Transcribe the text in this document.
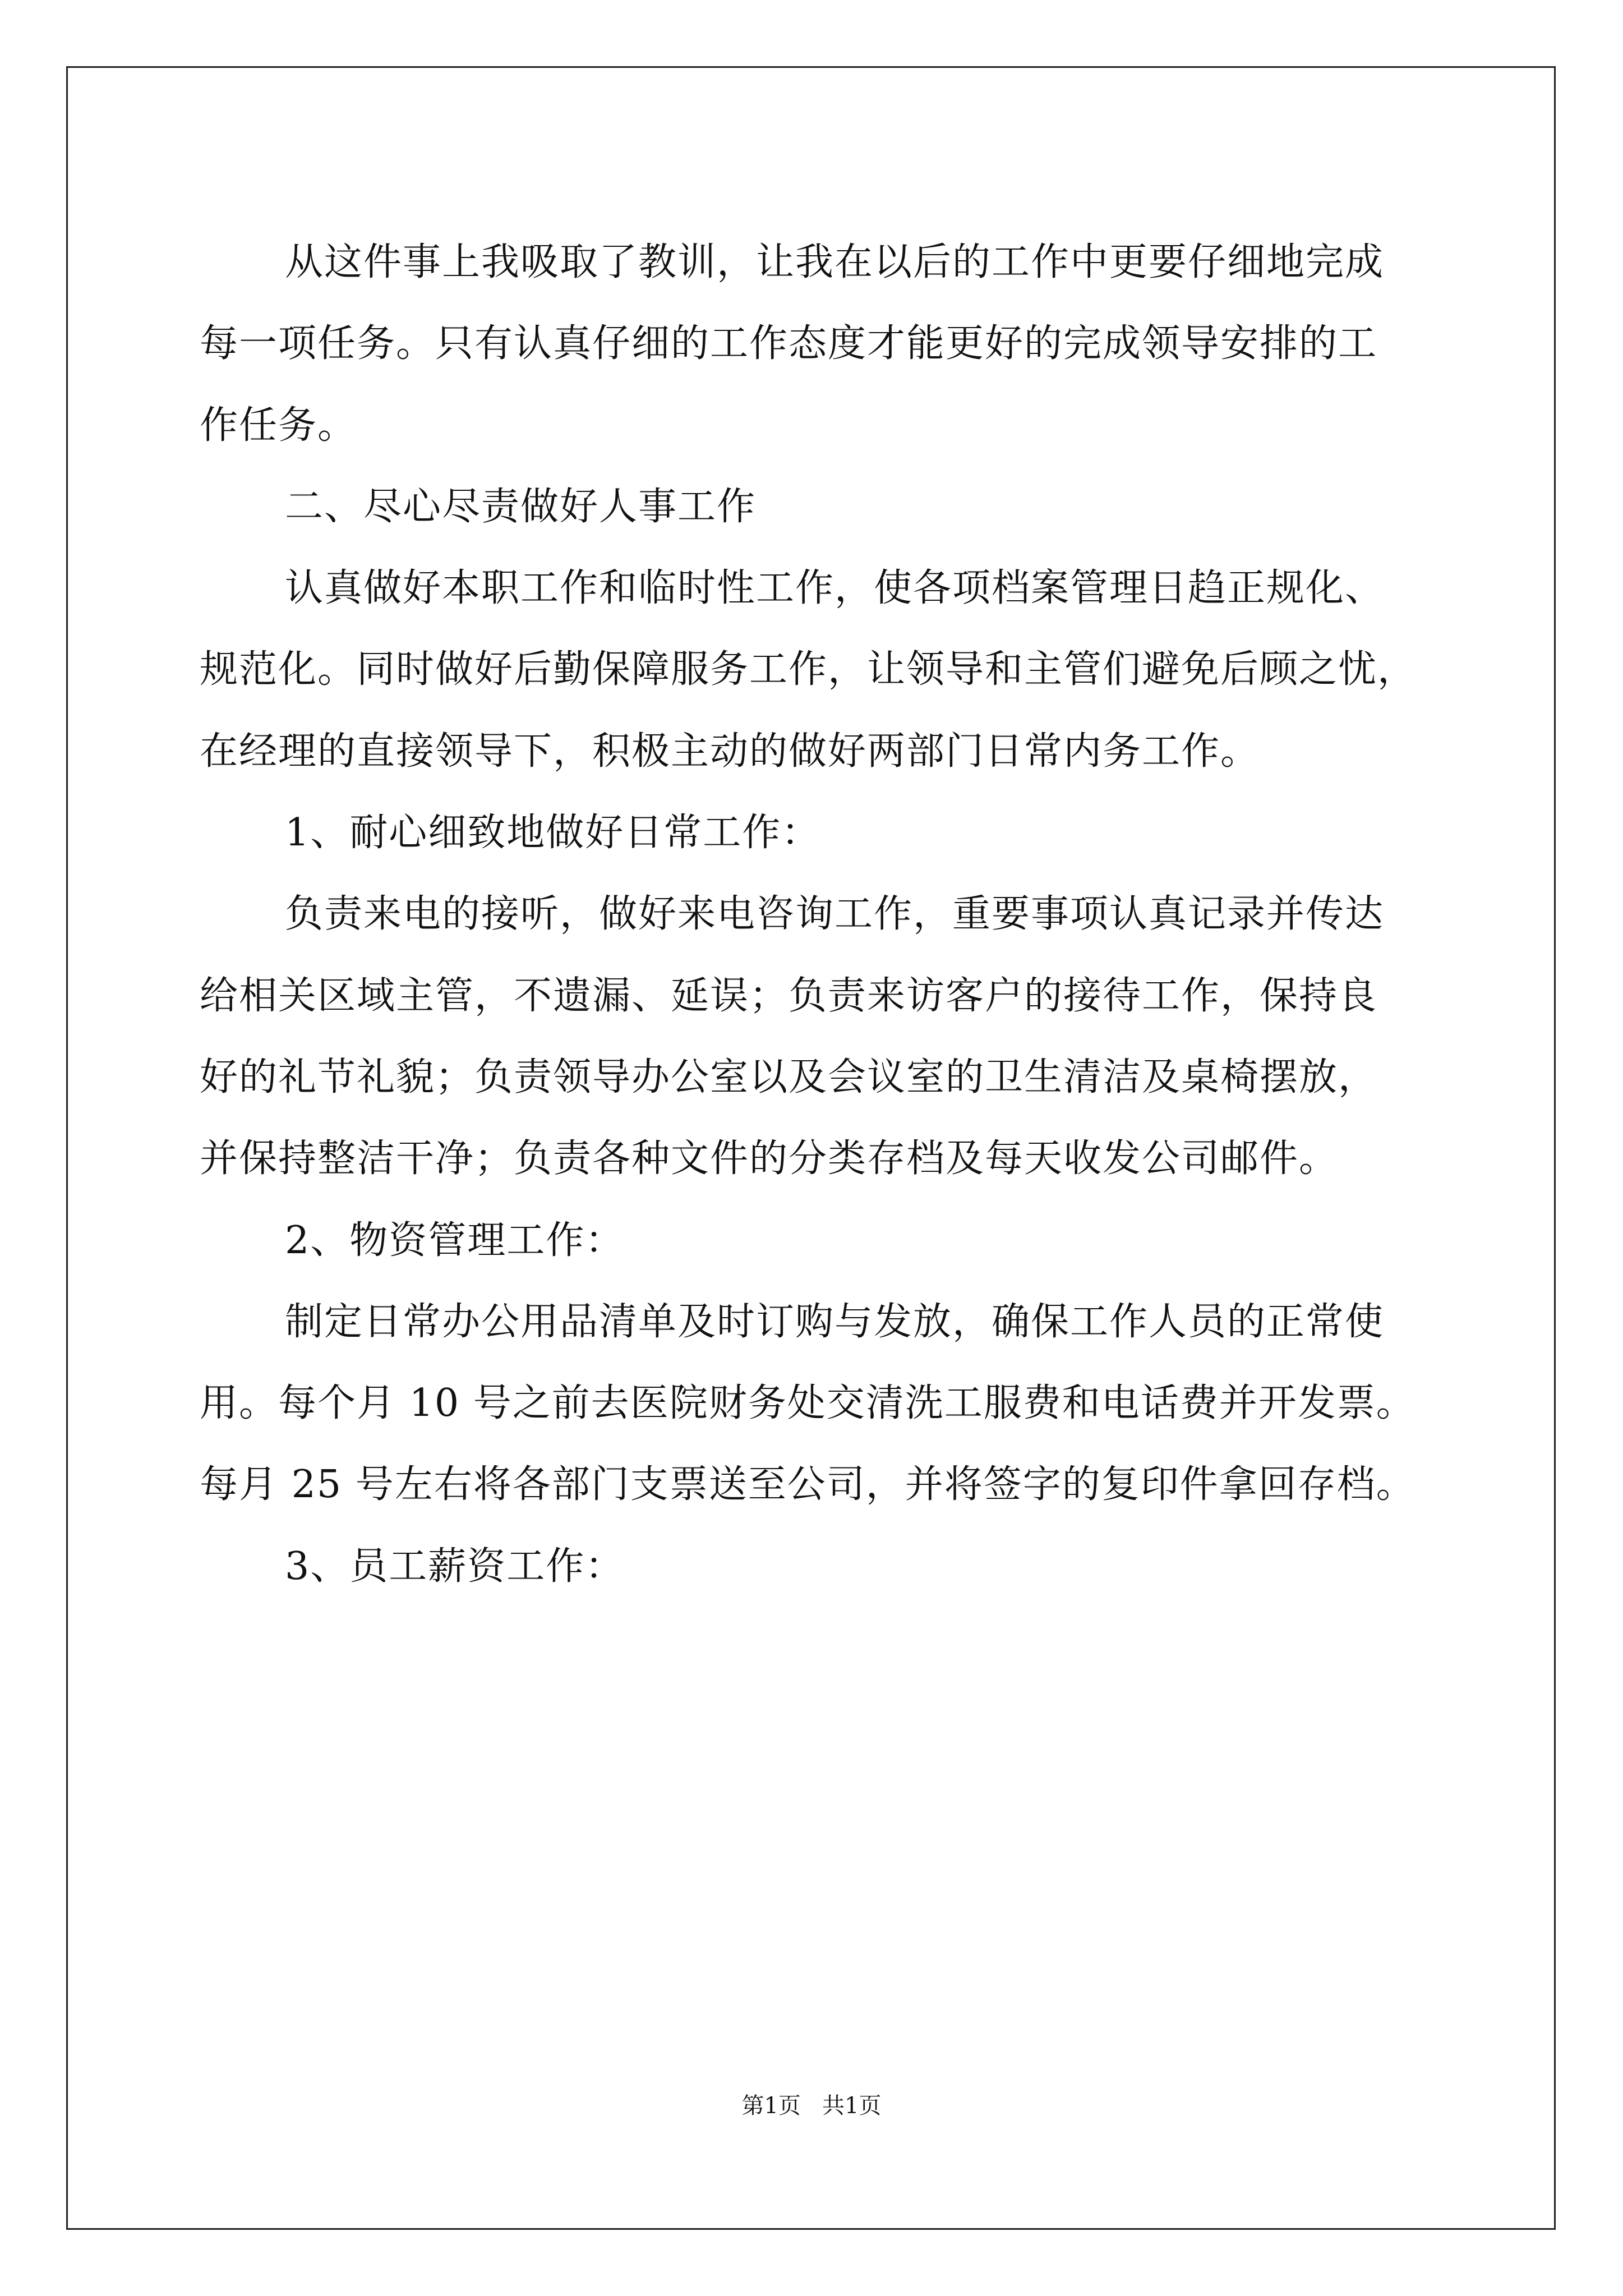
从这件事上我吸取了教训，让我在以后的工作中更要仔细地完成
每一项任务。只有认真仔细的工作态度才能更好的完成领导安排的工
作任务。
二、尽心尽责做好人事工作
认真做好本职工作和临时性工作，使各项档案管理日趋正规化、
规范化。同时做好后勤保障服务工作，让领导和主管们避免后顾之忧，
在经理的直接领导下，积极主动的做好两部门日常内务工作。
1、耐心细致地做好日常工作：
负责来电的接听，做好来电咨询工作，重要事项认真记录并传达
给相关区域主管，不遗漏、延误；负责来访客户的接待工作，保持良
好的礼节礼貌；负责领导办公室以及会议室的卫生清洁及桌椅摆放，
并保持整洁干净；负责各种文件的分类存档及每天收发公司邮件。
2、物资管理工作：
制定日常办公用品清单及时订购与发放，确保工作人员的正常使
用。每个月 10 号之前去医院财务处交清洗工服费和电话费并开发票。
每月 25 号左右将各部门支票送至公司，并将签字的复印件拿回存档。
3、员工薪资工作：
第1页   共1页
